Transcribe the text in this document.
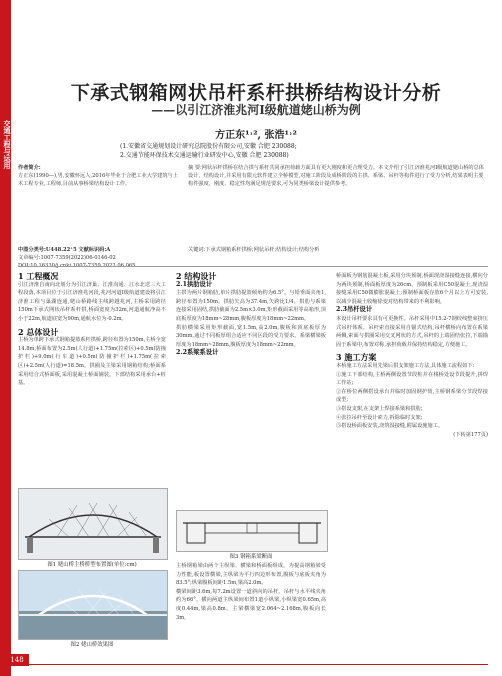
交通工程与运用
下承式钢箱网状吊杆系杆拱桥结构设计分析
——以引江济淮兆河Ⅰ级航道姥山桥为例
方正东¹˒², 张浩¹˒²
(1.安徽省交通规划设计研究总院股份有限公司,安徽 合肥 230088;
2.交通节能环保技术交通运输行业研发中心,安徽 合肥 230088)
作者简介:
方正东(1990—),男,安徽怀远人,2016年毕业于合肥工业大学建筑与土木工程专业,工程师,目前从事桥梁结构设计工作。
摘 要:网状吊杆拱桥在结合拱与系杆共同承担荷载方面具有更大刚度和更合理受力。本文介绍了引江济淮兆河Ⅰ级航道姥山桥的总体设计、结构设计,并采用有限元软件建立全桥模型,对施工阶段及成桥阶段的主拱、系梁、吊杆等构件进行了受力分析,结果表明主要构件强度、刚度、稳定性均满足规范要求,可为同类桥梁设计提供参考。
关键词:下承式钢箱系杆拱桥;网状吊杆;结构设计;结构分析
中图分类号:U448.22⁺5 文献标识码:A
文章编号:1007-7359(2022)06-0146-02
1 工程概况
引江济淮自南向北划分为引江济巢、江淮沟通、江水北送三大工程段落,本项目位于引江济淮兆河段,兆河河道Ⅰ级航道建设将引江济淮工程与巢湖连通,姥山桥路线主线跨越兆河,主桥采用跨径150m下承式网状吊杆系杆拱,桥面宽度为32m,河道通航净高不小于22m,航道底宽为90m,通航水位为-0.2m。
2 总体设计
主桥为单跨下承式钢箱提篮系杆拱桥,跨径布置为150m,主桥全宽14.8m,桥面布置为2.5m(人行道)+1.75m(拉索区)+0.5m(防撞护栏)+9.0m(行车道)+0.5m(防撞护栏)+1.75m(拉索区)+2.5m(人行道)=18.5m。拱圈及主梁采用钢箱结构;桥面系采用结合式桥面板,采用混凝土桥面铺装。下部结构采用承台+桩基。
图1 姥山桥主桥桥型布置图(单位:cm)
图2 姥山桥效果图
2 结构设计
2.1拱肋设计
主拱为两片钢箱肋,单片拱肋提篮倾角约为6.5°。与铅垂面夹角1,跨径布置为150m。拱肋矢高为37.4m,矢跨比1/4。拱肋与系梁连接采用固结,拱肋截面为2.5m×3.0m,矩形截面采用等高箱形,顶底板厚度为18mm~28mm,腹板厚度为18mm~22mm。
拱肋横梁采用矩形截面,宽1.5m,高2.0m,腹板和顶底板厚为30mm,通过不同板厚组合适应不同区段的受力要求。系梁横梁板厚度为18mm~28mm,腹板厚度为18mm~22mm。
2.2系梁系设计
图3 钢箱系梁断面
主桥钢箱梁由两个主纵梁、横梁和桥面板组成。为提高钢箱梁受力性能,板设置横梁,主纵梁为平行四边形布置,腹板与底板夹角为83.5°;纵梁腹板间距1.5m,梁高2.0m。
横梁间距3.6m,每7.2m设置一道斜向的吊杆。吊杆与水平线夹角约为66°。横向两道主纵梁间布置1道小纵梁,小纵梁宽0.65m,高度0.44m,梁高0.8m。主梁横梁宽2.064~2.168m,腹板向长3m。
桥面板为钢筋混凝土板,采用分块预制,桥面现浇湿接缝连接,横向分为两块预制,桥面板厚度为26cm。预制板采用C50混凝土,现浇湿接缝采用C50微膨胀混凝土;预制桥面板存放6个月以上方可安装,以减少混凝土收缩徐变对结构带来的不利影响。
2.3吊杆设计
本设计吊杆要求具有可更换性。吊杆采用中15.2-7钢绞线整束挤压式吊杆体系。吊杆索直接采用自锚式结构,吊杆横桥向布置在系梁两侧,索面与拱圈采用交叉网状的方式,吊杆的上端固结张拉,下端锚固于系梁中,布置对称,承担荷载并保持结构稳定,方便施工。
3 施工方案
本桥施工方法采用先梁后拱支架施工方法,具体施工流程如下:
①施工下部结构,主桥两侧设置节段桩并在栈桥处设节段提升,拼焊工作站;
②在桥位两侧搭设承台并临时加固钢护筒,主桥钢系梁分节段焊接成型;
③搭设支架,在支架上焊接系梁和拱肋;
④张拉吊杆至设计索力,拆除临时支架;
⑤搭设桥面板安装,浇筑湿接缝,附属设施施工。
(下转第177页)
148
